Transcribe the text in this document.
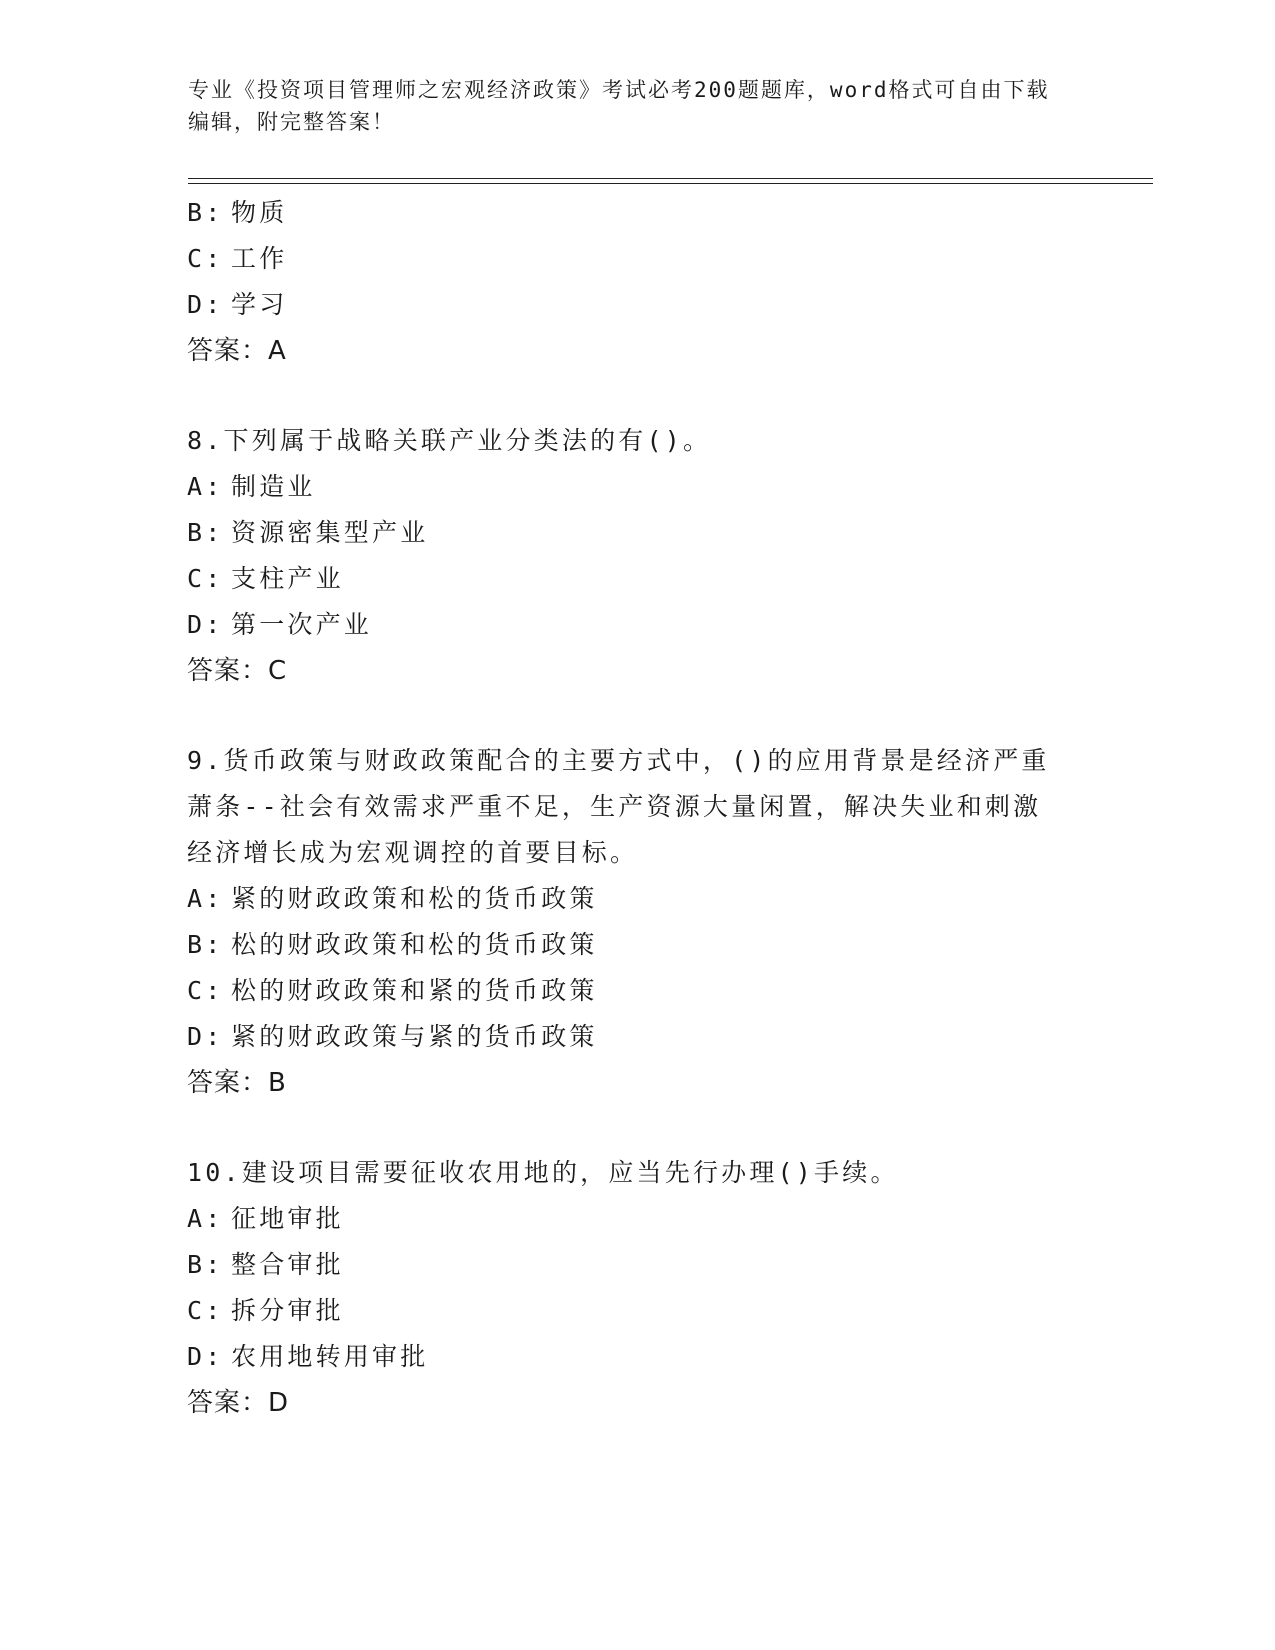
专业《投资项目管理师之宏观经济政策》考试必考200题题库，word格式可自由下载编辑，附完整答案！
B: 物质
C: 工作
D: 学习
答案：A
8.下列属于战略关联产业分类法的有()。
A: 制造业
B: 资源密集型产业
C: 支柱产业
D: 第一次产业
答案：C
9.货币政策与财政政策配合的主要方式中，()的应用背景是经济严重
萧条--社会有效需求严重不足，生产资源大量闲置，解决失业和刺激
经济增长成为宏观调控的首要目标。
A: 紧的财政政策和松的货币政策
B: 松的财政政策和松的货币政策
C: 松的财政政策和紧的货币政策
D: 紧的财政政策与紧的货币政策
答案：B
10.建设项目需要征收农用地的，应当先行办理()手续。
A: 征地审批
B: 整合审批
C: 拆分审批
D: 农用地转用审批
答案：D
